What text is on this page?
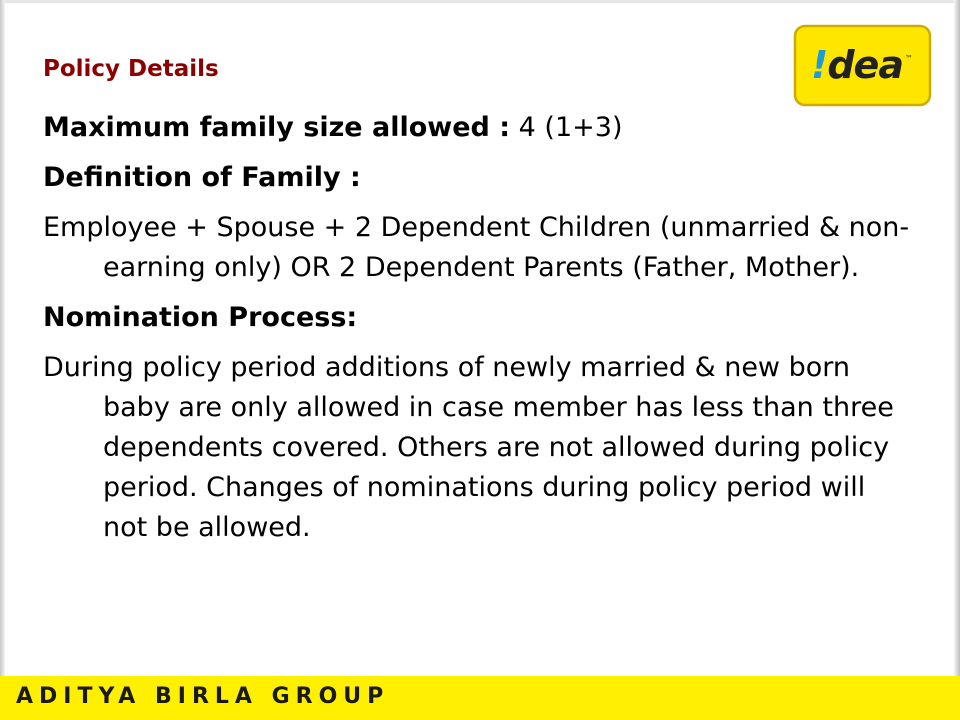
!dea ™
Policy Details

Maximum family size allowed : 4 (1+3)

Definition of Family :

Employee + Spouse + 2 Dependent Children (unmarried & non-earning only) OR 2 Dependent Parents (Father, Mother).

Nomination Process:

During policy period additions of newly married & new born baby are only allowed in case member has less than three dependents covered. Others are not allowed during policy period. Changes of nominations during policy period will not be allowed.

ADITYA BIRLA GROUP
